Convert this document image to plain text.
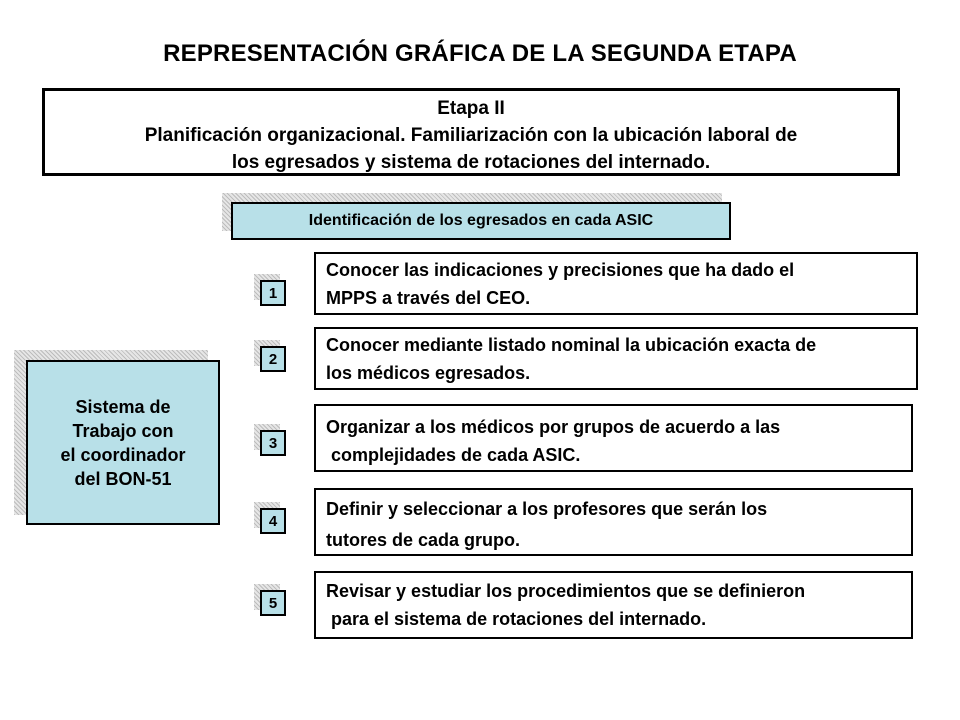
REPRESENTACIÓN GRÁFICA DE LA SEGUNDA ETAPA
Etapa II
Planificación organizacional. Familiarización con la ubicación laboral de
los egresados y sistema de rotaciones del internado.
Identificación de los egresados en cada ASIC
Sistema de
Trabajo con
el coordinador
del BON-51
1
Conocer las indicaciones y precisiones que ha dado el
MPPS a través del CEO.
2
Conocer mediante listado nominal la ubicación exacta de
los médicos egresados.
3
Organizar a los médicos por grupos de acuerdo a las
complejidades de cada ASIC.
4
Definir y seleccionar a los profesores que serán los
tutores de cada grupo.
5
Revisar y estudiar los procedimientos que se definieron
para el sistema de rotaciones del internado.
